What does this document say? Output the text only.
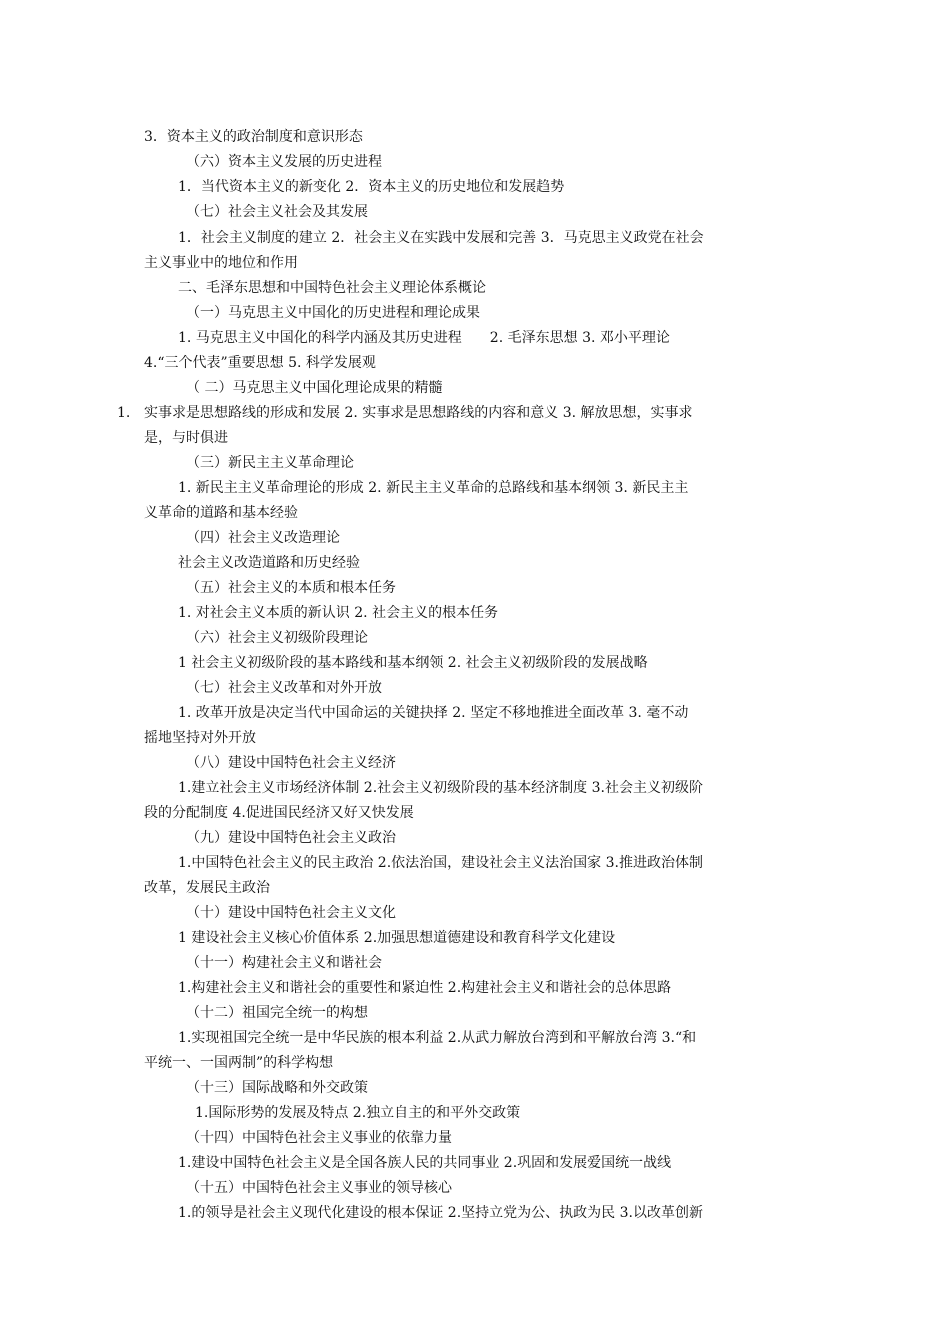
3．资本主义的政治制度和意识形态
（六）资本主义发展的历史进程
1．当代资本主义的新变化 2．资本主义的历史地位和发展趋势
（七）社会主义社会及其发展
1．社会主义制度的建立 2．社会主义在实践中发展和完善 3．马克思主义政党在社会
主义事业中的地位和作用
二、毛泽东思想和中国特色社会主义理论体系概论
（一）马克思主义中国化的历史进程和理论成果
1. 马克思主义中国化的科学内涵及其历史进程　　2. 毛泽东思想 3. 邓小平理论
4.“三个代表”重要思想 5. 科学发展观
（ 二）马克思主义中国化理论成果的精髓
1. 实事求是思想路线的形成和发展 2. 实事求是思想路线的内容和意义 3. 解放思想，实事求
是，与时俱进
（三）新民主主义革命理论
1. 新民主主义革命理论的形成 2. 新民主主义革命的总路线和基本纲领 3. 新民主主
义革命的道路和基本经验
（四）社会主义改造理论
社会主义改造道路和历史经验
（五）社会主义的本质和根本任务
1. 对社会主义本质的新认识 2. 社会主义的根本任务
（六）社会主义初级阶段理论
1 社会主义初级阶段的基本路线和基本纲领 2. 社会主义初级阶段的发展战略
（七）社会主义改革和对外开放
1. 改革开放是决定当代中国命运的关键抉择 2. 坚定不移地推进全面改革 3. 毫不动
摇地坚持对外开放
（八）建设中国特色社会主义经济
1.建立社会主义市场经济体制 2.社会主义初级阶段的基本经济制度 3.社会主义初级阶
段的分配制度 4.促进国民经济又好又快发展
（九）建设中国特色社会主义政治
1.中国特色社会主义的民主政治 2.依法治国，建设社会主义法治国家 3.推进政治体制
改革，发展民主政治
（十）建设中国特色社会主义文化
1 建设社会主义核心价值体系 2.加强思想道德建设和教育科学文化建设
（十一）构建社会主义和谐社会
1.构建社会主义和谐社会的重要性和紧迫性 2.构建社会主义和谐社会的总体思路
（十二）祖国完全统一的构想
1.实现祖国完全统一是中华民族的根本利益 2.从武力解放台湾到和平解放台湾 3.“和
平统一、一国两制”的科学构想
（十三）国际战略和外交政策
1.国际形势的发展及特点 2.独立自主的和平外交政策
（十四）中国特色社会主义事业的依靠力量
1.建设中国特色社会主义是全国各族人民的共同事业 2.巩固和发展爱国统一战线
（十五）中国特色社会主义事业的领导核心
1.的领导是社会主义现代化建设的根本保证 2.坚持立党为公、执政为民 3.以改革创新
